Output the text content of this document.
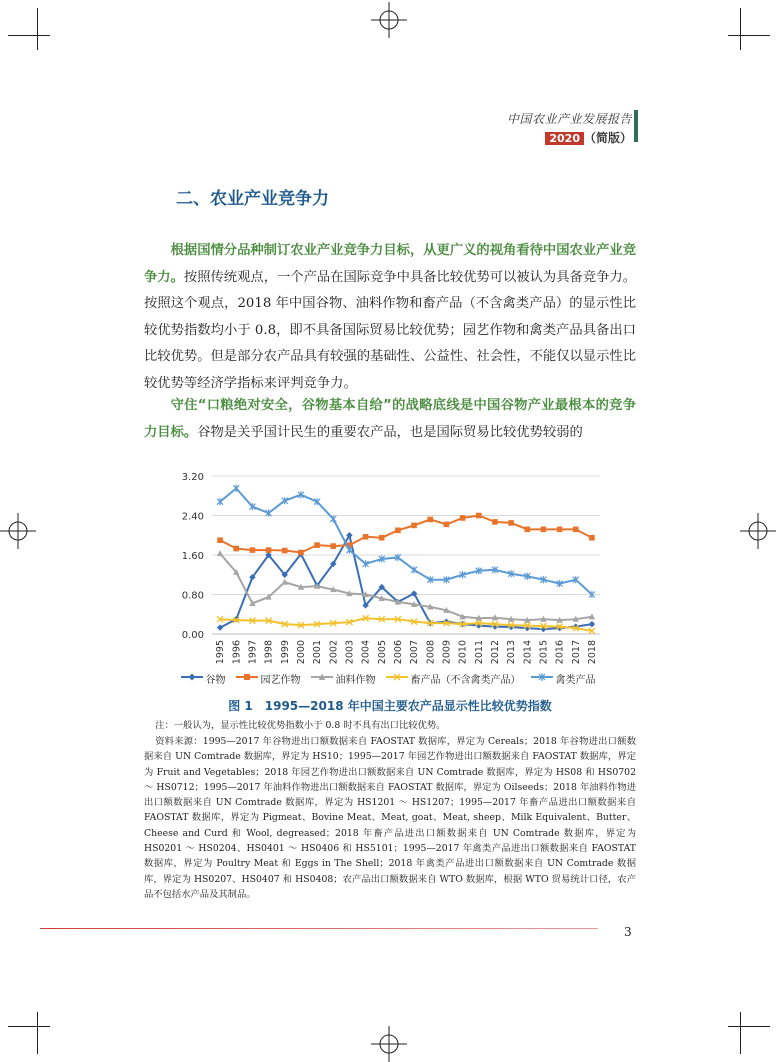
中国农业产业发展报告
2020 （简版）
二、农业产业竞争力
根据国情分品种制订农业产业竞争力目标，从更广义的视角看待中国农业产业竞争力。按照传统观点，一个产品在国际竞争中具备比较优势可以被认为具备竞争力。按照这个观点，2018 年中国谷物、油料作物和畜产品（不含禽类产品）的显示性比较优势指数均小于 0.8，即不具备国际贸易比较优势；园艺作物和禽类产品具备出口比较优势。但是部分农产品具有较强的基础性、公益性、社会性，不能仅以显示性比较优势等经济学指标来评判竞争力。
守住“口粮绝对安全，谷物基本自给”的战略底线是中国谷物产业最根本的竞争力目标。谷物是关乎国计民生的重要农产品，也是国际贸易比较优势较弱的
0.00
0.80
1.60
2.40
3.20
1995 1996 1997 1998 1999 2000 2001 2002 2003 2004 2005 2006 2007 2008 2009 2010 2011 2012 2013 2014 2015 2016 2017 2018
谷物	园艺作物	油料作物	畜产品（不含禽类产品）	禽类产品
图 1　1995—2018 年中国主要农产品显示性比较优势指数
注：一般认为，显示性比较优势指数小于 0.8 时不具有出口比较优势。
资料来源：1995—2017 年谷物进出口额数据来自 FAOSTAT 数据库，界定为 Cereals；2018 年谷物进出口额数据来自 UN Comtrade 数据库，界定为 HS10；1995—2017 年园艺作物进出口额数据来自 FAOSTAT 数据库，界定为 Fruit and Vegetables；2018 年园艺作物进出口额数据来自 UN Comtrade 数据库，界定为 HS08 和 HS0702 ～ HS0712；1995—2017 年油料作物进出口额数据来自 FAOSTAT 数据库，界定为 Oilseeds；2018 年油料作物进出口额数据来自 UN Comtrade 数据库，界定为 HS1201 ～ HS1207；1995—2017 年畜产品进出口额数据来自 FAOSTAT 数据库，界定为 Pigmeat、Bovine Meat、Meat, goat、Meat, sheep、Milk Equivalent、Butter、Cheese and Curd 和 Wool, degreased；2018 年畜产品进出口额数据来自 UN Comtrade 数据库，界定为 HS0201 ～ HS0204、HS0401 ～ HS0406 和 HS5101；1995—2017 年禽类产品进出口额数据来自 FAOSTAT 数据库，界定为 Poultry Meat 和 Eggs in The Shell；2018 年禽类产品进出口额数据来自 UN Comtrade 数据库，界定为 HS0207、HS0407 和 HS0408；农产品出口额数据来自 WTO 数据库，根据 WTO 贸易统计口径，农产品不包括水产品及其制品。
3
